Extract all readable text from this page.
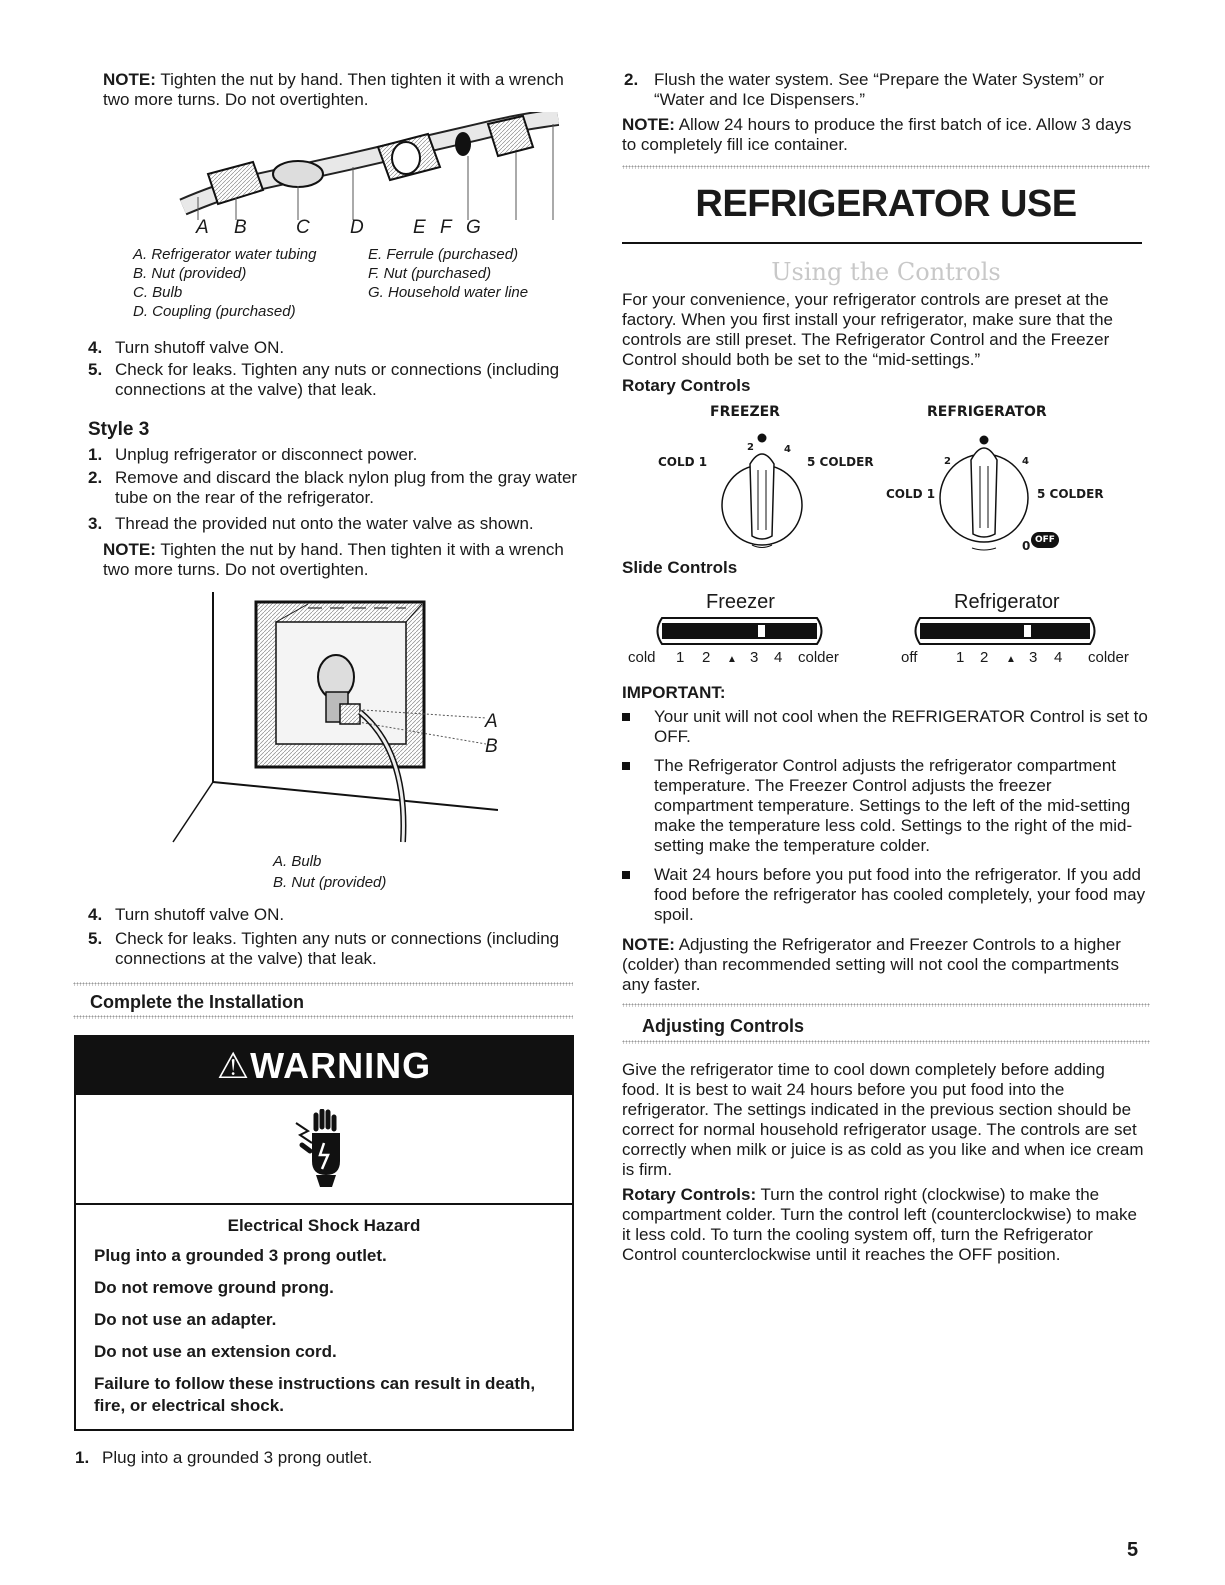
NOTE: Tighten the nut by hand. Then tighten it with a wrench two more turns. Do not overtighten.

A B	C D	E F G
A. Refrigerator water tubing
B. Nut (provided)
C. Bulb
D. Coupling (purchased)
E. Ferrule (purchased)
F. Nut (purchased)
G. Household water line
4. Turn shutoff valve ON.
5. Check for leaks. Tighten any nuts or connections (including connections at the valve) that leak.
Style 3
1. Unplug refrigerator or disconnect power.
2. Remove and discard the black nylon plug from the gray water tube on the rear of the refrigerator.
3. Thread the provided nut onto the water valve as shown.

NOTE: Tighten the nut by hand. Then tighten it with a wrench two more turns. Do not overtighten.

A
B
A. Bulb
B. Nut (provided)
4. Turn shutoff valve ON.
5. Check for leaks. Tighten any nuts or connections (including connections at the valve) that leak.
Complete the Installation
⚠WARNING
Electrical Shock Hazard
Plug into a grounded 3 prong outlet.
Do not remove ground prong.
Do not use an adapter.
Do not use an extension cord.
Failure to follow these instructions can result in death, fire, or electrical shock.
1. Plug into a grounded 3 prong outlet.
2. Flush the water system. See “Prepare the Water System” or “Water and Ice Dispensers.”

NOTE: Allow 24 hours to produce the first batch of ice. Allow 3 days to completely fill ice container.

REFRIGERATOR USE
Using the Controls

For your convenience, your refrigerator controls are preset at the factory. When you first install your refrigerator, make sure that the controls are still preset. The Refrigerator Control and the Freezer Control should both be set to the “mid-settings.”

Rotary Controls
FREEZER
COLD 1	5 COLDER
2	4
REFRIGERATOR
COLD 1	5 COLDER
2	4
0 OFF
Slide Controls
Freezer
cold 1 2 ▲ 3 4 colder
Refrigerator
off	1 2 ▲ 3 4 colder
IMPORTANT:
Your unit will not cool when the REFRIGERATOR Control is set to OFF.
The Refrigerator Control adjusts the refrigerator compartment temperature. The Freezer Control adjusts the freezer compartment temperature. Settings to the left of the mid-setting make the temperature less cold. Settings to the right of the mid-setting make the temperature colder.
Wait 24 hours before you put food into the refrigerator. If you add food before the refrigerator has cooled completely, your food may spoil.

NOTE: Adjusting the Refrigerator and Freezer Controls to a higher (colder) than recommended setting will not cool the compartments any faster.

Adjusting Controls

Give the refrigerator time to cool down completely before adding food. It is best to wait 24 hours before you put food into the refrigerator. The settings indicated in the previous section should be correct for normal household refrigerator usage. The controls are set correctly when milk or juice is as cold as you like and when ice cream is firm.

Rotary Controls: Turn the control right (clockwise) to make the compartment colder. Turn the control left (counterclockwise) to make it less cold. To turn the cooling system off, turn the Refrigerator Control counterclockwise until it reaches the OFF position.

5
